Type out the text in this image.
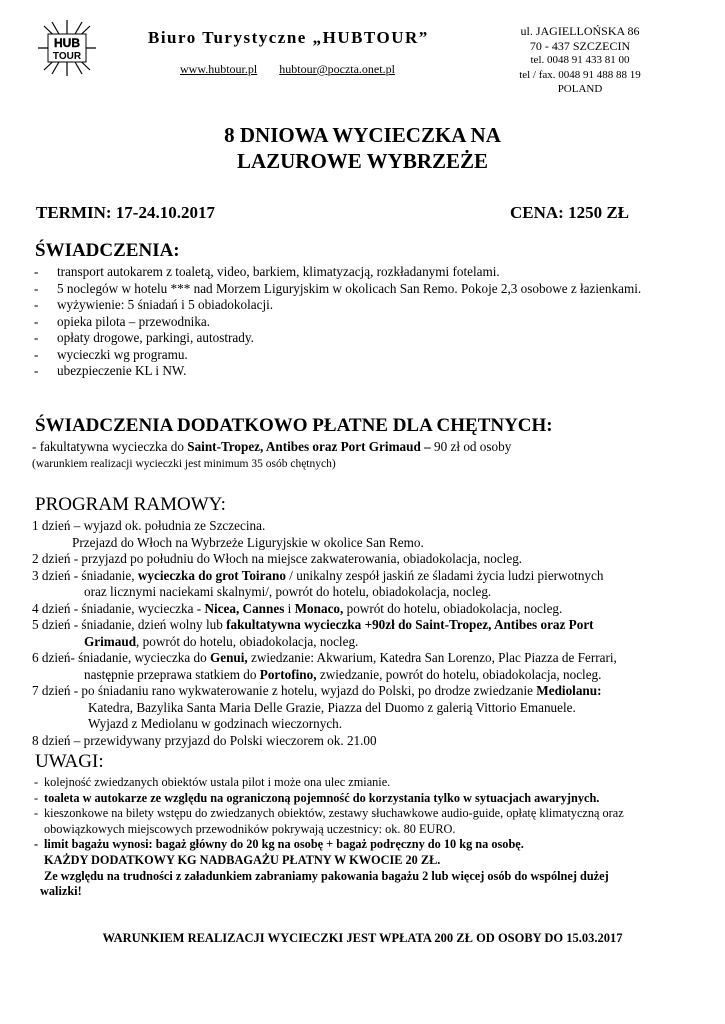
HUB
TOUR
Biuro Turystyczne „HUBTOUR”
www.hubtour.pl hubtour@poczta.onet.pl
ul. JAGIELLOŃSKA 86
70 - 437 SZCZECIN
tel. 0048 91 433 81 00
tel / fax. 0048 91 488 88 19
POLAND
8 DNIOWA WYCIECZKA NA
LAZUROWE WYBRZEŻE
TERMIN: 17-24.10.2017	CENA: 1250 ZŁ
ŚWIADCZENIA:
- transport autokarem z toaletą, video, barkiem, klimatyzacją, rozkładanymi fotelami.
- 5 noclegów w hotelu *** nad Morzem Liguryjskim w okolicach San Remo. Pokoje 2,3 osobowe z łazienkami.
- wyżywienie: 5 śniadań i 5 obiadokolacji.
- opieka pilota – przewodnika.
- opłaty drogowe, parkingi, autostrady.
- wycieczki wg programu.
- ubezpieczenie KL i NW.
ŚWIADCZENIA DODATKOWO PŁATNE DLA CHĘTNYCH:
- fakultatywna wycieczka do Saint-Tropez, Antibes oraz Port Grimaud – 90 zł od osoby
(warunkiem realizacji wycieczki jest minimum 35 osób chętnych)
PROGRAM RAMOWY:
1 dzień – wyjazd ok. południa ze Szczecina.
Przejazd do Włoch na Wybrzeże Liguryjskie w okolice San Remo.
2 dzień - przyjazd po południu do Włoch na miejsce zakwaterowania, obiadokolacja, nocleg.
3 dzień - śniadanie, wycieczka do grot Toirano / unikalny zespół jaskiń ze śladami życia ludzi pierwotnych
oraz licznymi naciekami skalnymi/, powrót do hotelu, obiadokolacja, nocleg.
4 dzień - śniadanie, wycieczka - Nicea, Cannes i Monaco, powrót do hotelu, obiadokolacja, nocleg.
5 dzień - śniadanie, dzień wolny lub fakultatywna wycieczka +90zł do Saint-Tropez, Antibes oraz Port
Grimaud, powrót do hotelu, obiadokolacja, nocleg.
6 dzień- śniadanie, wycieczka do Genui, zwiedzanie: Akwarium, Katedra San Lorenzo, Plac Piazza de Ferrari,
następnie przeprawa statkiem do Portofino, zwiedzanie, powrót do hotelu, obiadokolacja, nocleg.
7 dzień - po śniadaniu rano wykwaterowanie z hotelu, wyjazd do Polski, po drodze zwiedzanie Mediolanu:
Katedra, Bazylika Santa Maria Delle Grazie, Piazza del Duomo z galerią Vittorio Emanuele.
Wyjazd z Mediolanu w godzinach wieczornych.
8 dzień – przewidywany przyjazd do Polski wieczorem ok. 21.00
UWAGI:
- kolejność zwiedzanych obiektów ustala pilot i może ona ulec zmianie.
- toaleta w autokarze ze względu na ograniczoną pojemność do korzystania tylko w sytuacjach awaryjnych.
- kieszonkowe na bilety wstępu do zwiedzanych obiektów, zestawy słuchawkowe audio-guide, opłatę klimatyczną oraz
obowiązkowych miejscowych przewodników pokrywają uczestnicy: ok. 80 EURO.
- limit bagażu wynosi: bagaż główny do 20 kg na osobę + bagaż podręczny do 10 kg na osobę.
KAŻDY DODATKOWY KG NADBAGAŻU PŁATNY W KWOCIE 20 ZŁ.
Ze względu na trudności z załadunkiem zabraniamy pakowania bagażu 2 lub więcej osób do wspólnej dużej
walizki!
WARUNKIEM REALIZACJI WYCIECZKI JEST WPŁATA 200 ZŁ OD OSOBY DO 15.03.2017
